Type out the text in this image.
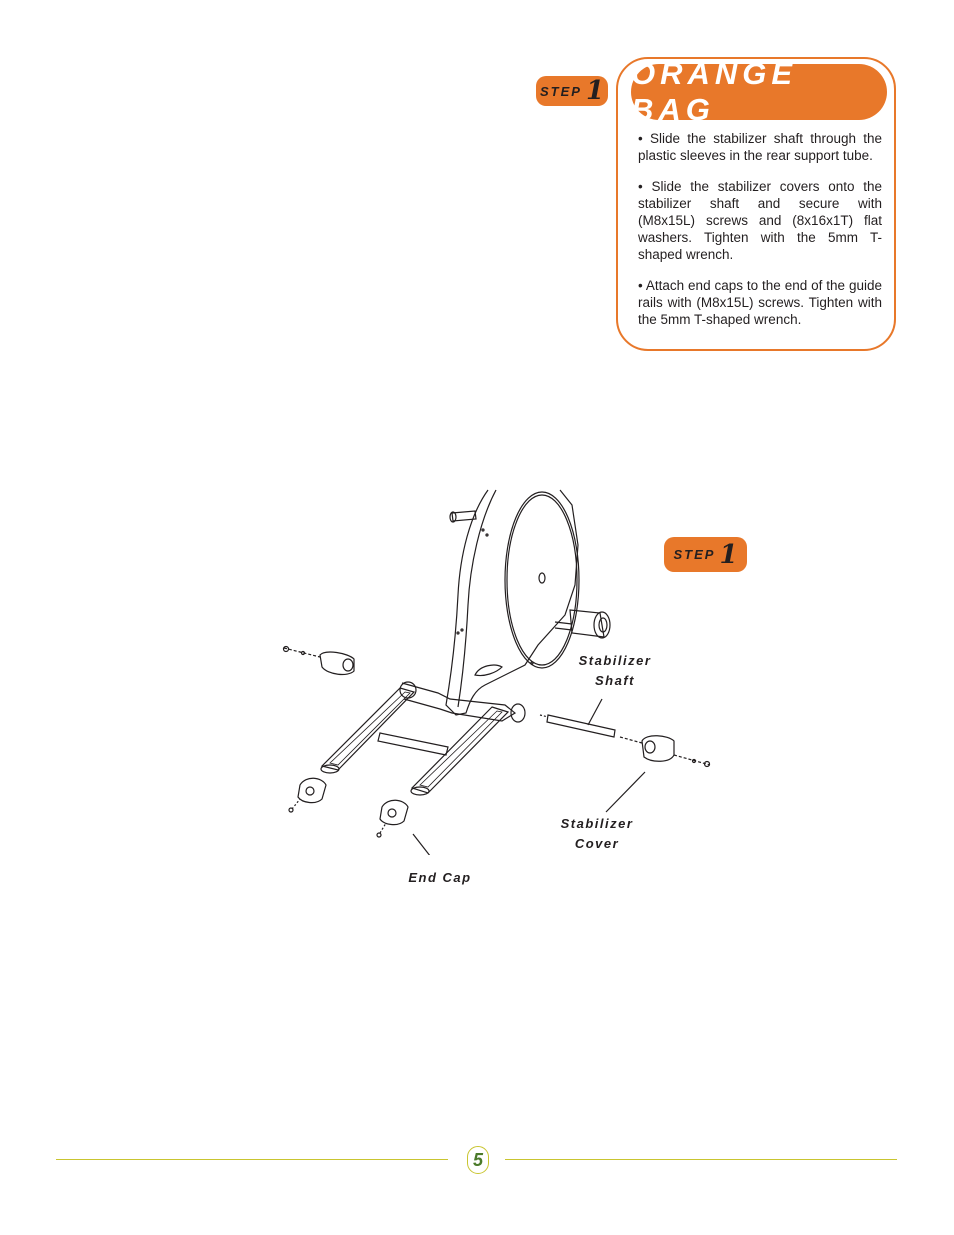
STEP 1 ORANGE BAG
• Slide the stabilizer shaft through the plastic sleeves in the rear support tube.
• Slide the stabilizer covers onto the stabilizer shaft and secure with (M8x15L) screws and (8x16x1T) flat washers. Tighten with the 5mm T-shaped wrench.
• Attach end caps to the end of the guide rails with (M8x15L) screws. Tighten with the 5mm T-shaped wrench.
STEP 1
Stabilizer
Shaft
Stabilizer
Cover
End Cap
5
